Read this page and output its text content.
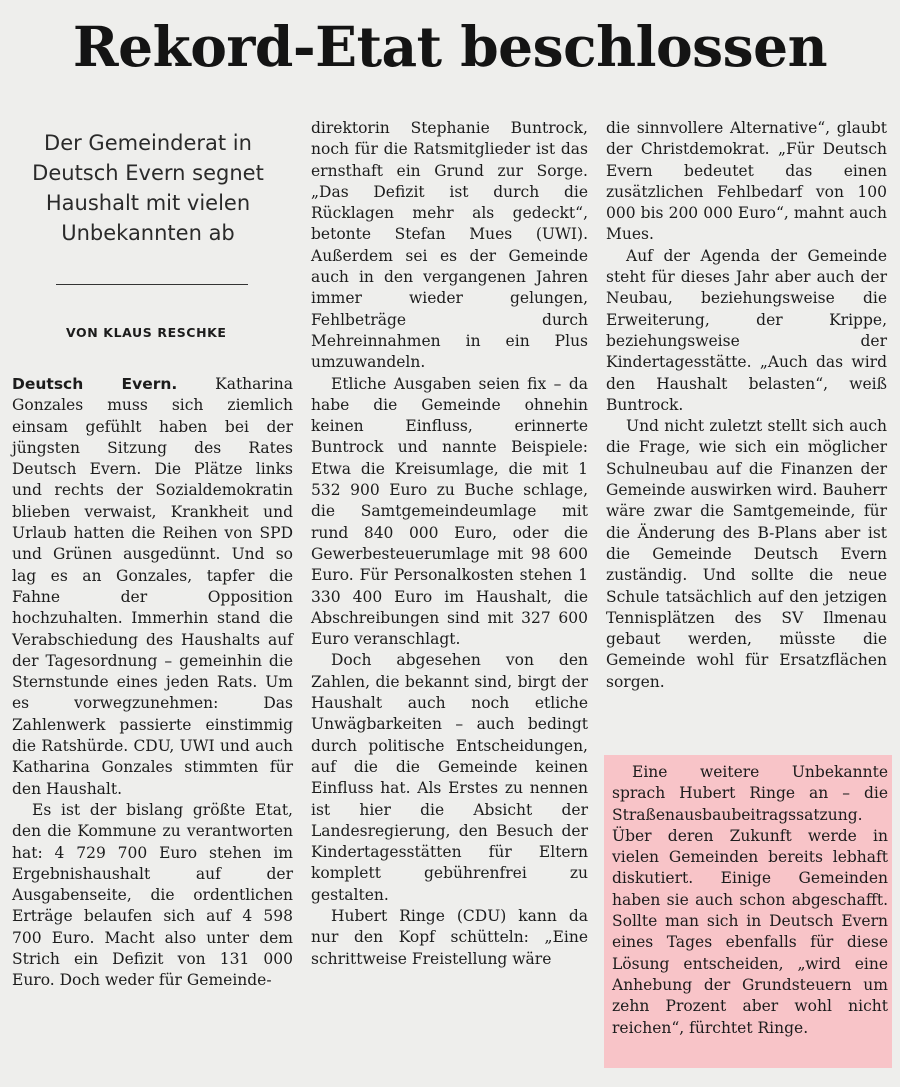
Rekord-Etat beschlossen
Der Gemeinderat in Deutsch Evern segnet Haushalt mit vielen Unbekannten ab
VON KLAUS RESCHKE

Deutsch Evern. Katharina Gonzales muss sich ziemlich einsam gefühlt haben bei der jüngsten Sitzung des Rates Deutsch Evern. Die Plätze links und rechts der Sozialdemokratin blieben verwaist, Krankheit und Urlaub hatten die Reihen von SPD und Grünen ausgedünnt. Und so lag es an Gonzales, tapfer die Fahne der Opposition hochzuhalten. Immerhin stand die Verabschiedung des Haushalts auf der Tagesordnung – gemeinhin die Sternstunde eines jeden Rats. Um es vorwegzunehmen: Das Zahlenwerk passierte einstimmig die Ratshürde. CDU, UWI und auch Katharina Gonzales stimmten für den Haushalt.

Es ist der bislang größte Etat, den die Kommune zu verantworten hat: 4 729 700 Euro stehen im Ergebnishaushalt auf der Ausgabenseite, die ordentlichen Erträge belaufen sich auf 4 598 700 Euro. Macht also unter dem Strich ein Defizit von 131 000 Euro. Doch weder für Gemeinde-

direktorin Stephanie Buntrock, noch für die Ratsmitglieder ist das ernsthaft ein Grund zur Sorge. „Das Defizit ist durch die Rücklagen mehr als gedeckt“, betonte Stefan Mues (UWI). Außerdem sei es der Gemeinde auch in den vergangenen Jahren immer wieder gelungen, Fehlbeträge durch Mehreinnahmen in ein Plus umzuwandeln.

Etliche Ausgaben seien fix – da habe die Gemeinde ohnehin keinen Einfluss, erinnerte Buntrock und nannte Beispiele: Etwa die Kreisumlage, die mit 1 532 900 Euro zu Buche schlage, die Samtgemeindeumlage mit rund 840 000 Euro, oder die Gewerbesteuerumlage mit 98 600 Euro. Für Personalkosten stehen 1 330 400 Euro im Haushalt, die Abschreibungen sind mit 327 600 Euro veranschlagt.

Doch abgesehen von den Zahlen, die bekannt sind, birgt der Haushalt auch noch etliche Unwägbarkeiten – auch bedingt durch politische Entscheidungen, auf die die Gemeinde keinen Einfluss hat. Als Erstes zu nennen ist hier die Absicht der Landesregierung, den Besuch der Kindertagesstätten für Eltern komplett gebührenfrei zu gestalten.

Hubert Ringe (CDU) kann da nur den Kopf schütteln: „Eine schrittweise Freistellung wäre

die sinnvollere Alternative“, glaubt der Christdemokrat. „Für Deutsch Evern bedeutet das einen zusätzlichen Fehlbedarf von 100 000 bis 200 000 Euro“, mahnt auch Mues.

Auf der Agenda der Gemeinde steht für dieses Jahr aber auch der Neubau, beziehungsweise die Erweiterung, der Krippe, beziehungsweise der Kindertagesstätte. „Auch das wird den Haushalt belasten“, weiß Buntrock.

Und nicht zuletzt stellt sich auch die Frage, wie sich ein möglicher Schulneubau auf die Finanzen der Gemeinde auswirken wird. Bauherr wäre zwar die Samtgemeinde, für die Änderung des B-Plans aber ist die Gemeinde Deutsch Evern zuständig. Und sollte die neue Schule tatsächlich auf den jetzigen Tennisplätzen des SV Ilmenau gebaut werden, müsste die Gemeinde wohl für Ersatzflächen sorgen.

Eine weitere Unbekannte sprach Hubert Ringe an – die Straßenausbaubeitragssatzung. Über deren Zukunft werde in vielen Gemeinden bereits lebhaft diskutiert. Einige Gemeinden haben sie auch schon abgeschafft. Sollte man sich in Deutsch Evern eines Tages ebenfalls für diese Lösung entscheiden, „wird eine Anhebung der Grundsteuern um zehn Prozent aber wohl nicht reichen“, fürchtet Ringe.
